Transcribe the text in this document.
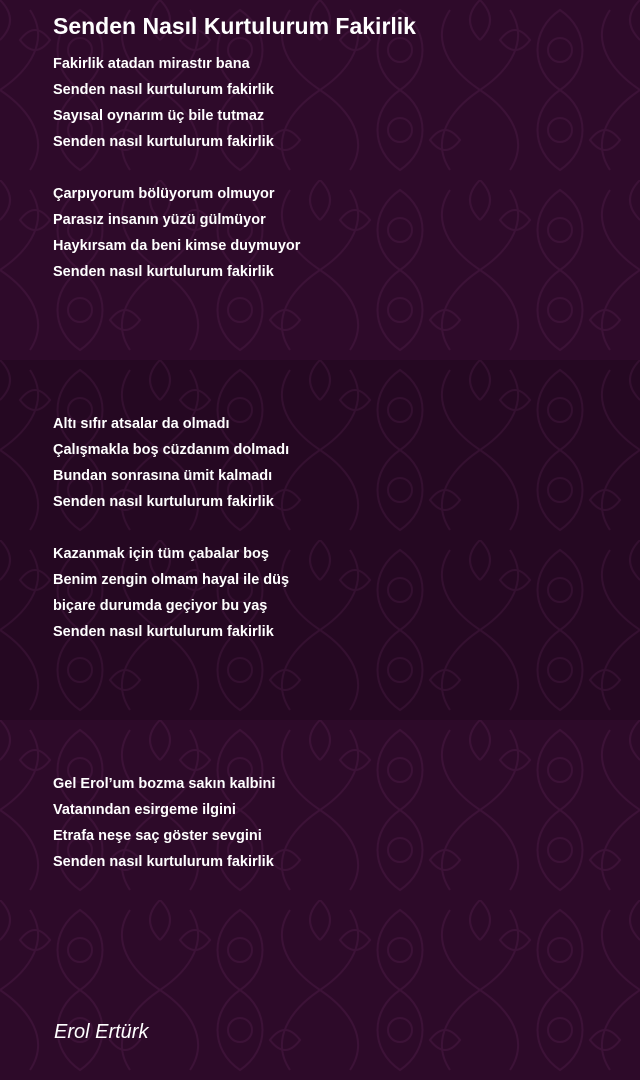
Senden Nasıl Kurtulurum Fakirlik
Fakirlik atadan mirastır bana
Senden nasıl kurtulurum fakirlik
Sayısal oynarım üç bile tutmaz
Senden nasıl kurtulurum fakirlik
Çarpıyorum bölüyorum olmuyor
Parasız insanın yüzü gülmüyor
Haykırsam da beni kimse duymuyor
Senden nasıl kurtulurum fakirlik
Altı sıfır atsalar da olmadı
Çalışmakla boş cüzdanım dolmadı
Bundan sonrasına ümit kalmadı
Senden nasıl kurtulurum fakirlik
Kazanmak için tüm çabalar boş
Benim zengin olmam hayal ile düş
biçare durumda geçiyor bu yaş
Senden nasıl kurtulurum fakirlik
Gel Erol’um bozma sakın kalbini
Vatanından esirgeme ilgini
Etrafa neşe saç göster sevgini
Senden nasıl kurtulurum fakirlik
Erol Ertürk
